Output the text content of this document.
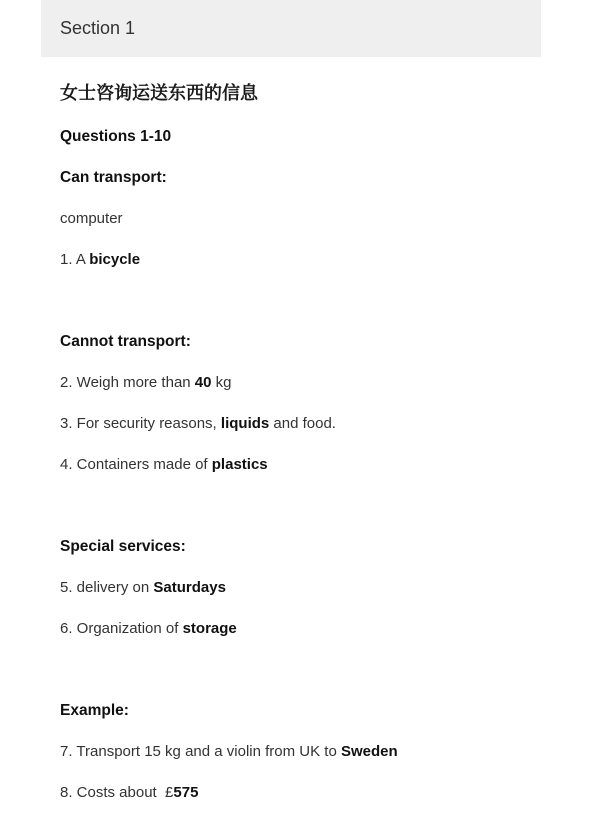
Section 1
女士咨询运送东西的信息
Questions 1-10
Can transport:
computer
1. A bicycle
Cannot transport:
2. Weigh more than 40 kg
3. For security reasons, liquids and food.
4. Containers made of plastics
Special services:
5. delivery on Saturdays
6. Organization of storage
Example:
7. Transport 15 kg and a violin from UK to Sweden
8. Costs about  £575
